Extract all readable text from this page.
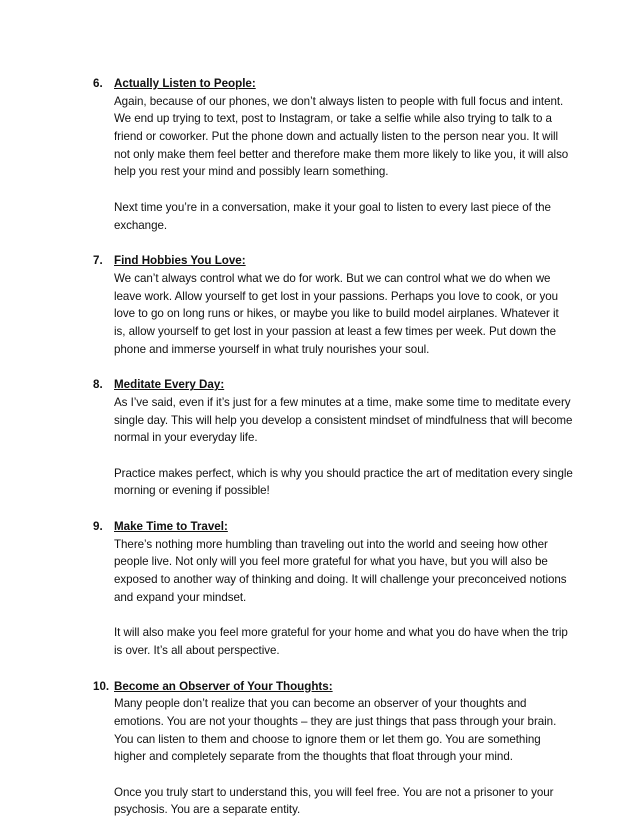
6. Actually Listen to People:

Again, because of our phones, we don’t always listen to people with full focus and intent. We end up trying to text, post to Instagram, or take a selfie while also trying to talk to a friend or coworker. Put the phone down and actually listen to the person near you. It will not only make them feel better and therefore make them more likely to like you, it will also help you rest your mind and possibly learn something.

Next time you’re in a conversation, make it your goal to listen to every last piece of the exchange.

7. Find Hobbies You Love:

We can’t always control what we do for work. But we can control what we do when we leave work. Allow yourself to get lost in your passions. Perhaps you love to cook, or you love to go on long runs or hikes, or maybe you like to build model airplanes. Whatever it is, allow yourself to get lost in your passion at least a few times per week. Put down the phone and immerse yourself in what truly nourishes your soul.

8. Meditate Every Day:

As I’ve said, even if it’s just for a few minutes at a time, make some time to meditate every single day. This will help you develop a consistent mindset of mindfulness that will become normal in your everyday life.

Practice makes perfect, which is why you should practice the art of meditation every single morning or evening if possible!

9. Make Time to Travel:

There’s nothing more humbling than traveling out into the world and seeing how other people live. Not only will you feel more grateful for what you have, but you will also be exposed to another way of thinking and doing. It will challenge your preconceived notions and expand your mindset.

It will also make you feel more grateful for your home and what you do have when the trip is over. It’s all about perspective.

10. Become an Observer of Your Thoughts:

Many people don’t realize that you can become an observer of your thoughts and emotions. You are not your thoughts – they are just things that pass through your brain. You can listen to them and choose to ignore them or let them go. You are something higher and completely separate from the thoughts that float through your mind.

Once you truly start to understand this, you will feel free. You are not a prisoner to your psychosis. You are a separate entity.
